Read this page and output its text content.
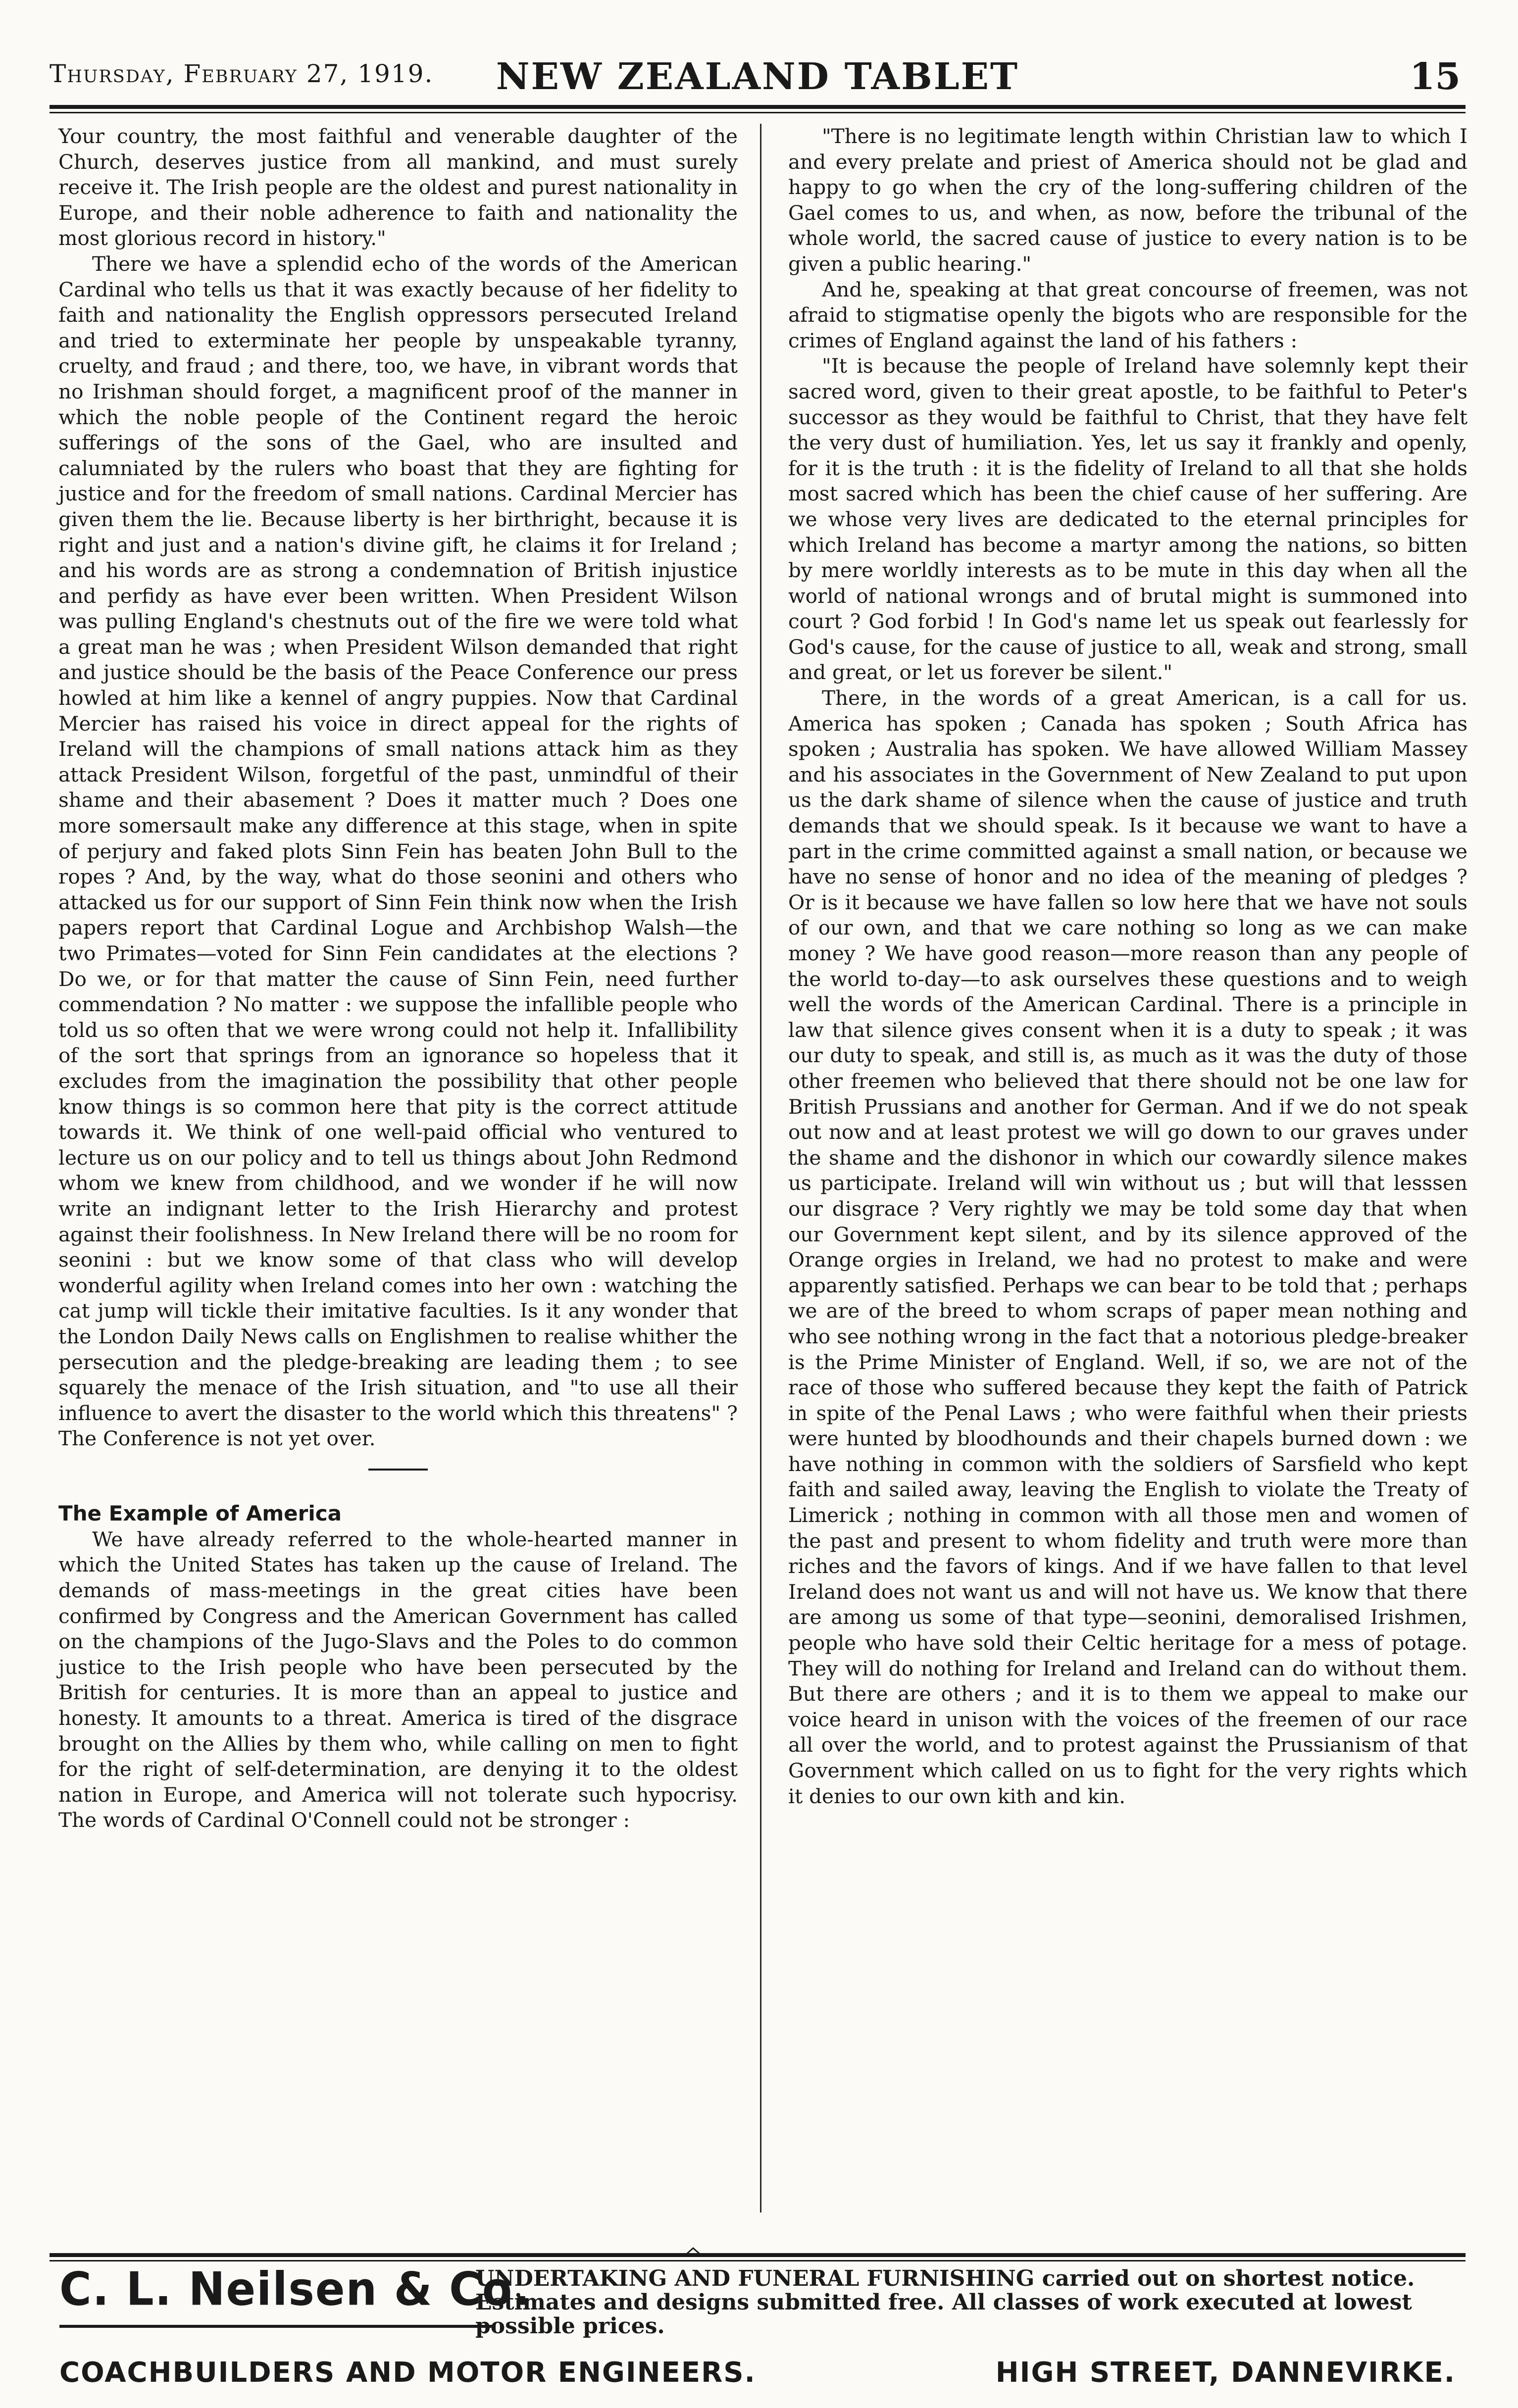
Thursday, February 27, 1919.	NEW ZEALAND TABLET	15

Your country, the most faithful and venerable daughter of the Church, deserves justice from all mankind, and must surely receive it. The Irish people are the oldest and purest nationality in Europe, and their noble adherence to faith and nationality the most glorious record in history."

There we have a splendid echo of the words of the American Cardinal who tells us that it was exactly because of her fidelity to faith and nationality the English oppressors persecuted Ireland and tried to exterminate her people by unspeakable tyranny, cruelty, and fraud ; and there, too, we have, in vibrant words that no Irishman should forget, a magnificent proof of the manner in which the noble people of the Continent regard the heroic sufferings of the sons of the Gael, who are insulted and calumniated by the rulers who boast that they are fighting for justice and for the freedom of small nations. Cardinal Mercier has given them the lie. Because liberty is her birthright, because it is right and just and a nation's divine gift, he claims it for Ireland ; and his words are as strong a condemnation of British injustice and perfidy as have ever been written. When President Wilson was pulling England's chestnuts out of the fire we were told what a great man he was ; when President Wilson demanded that right and justice should be the basis of the Peace Conference our press howled at him like a kennel of angry puppies. Now that Cardinal Mercier has raised his voice in direct appeal for the rights of Ireland will the champions of small nations attack him as they attack President Wilson, forgetful of the past, unmindful of their shame and their abasement ? Does it matter much ? Does one more somersault make any difference at this stage, when in spite of perjury and faked plots Sinn Fein has beaten John Bull to the ropes ? And, by the way, what do those seonini and others who attacked us for our support of Sinn Fein think now when the Irish papers report that Cardinal Logue and Archbishop Walsh—the two Primates—voted for Sinn Fein candidates at the elections ? Do we, or for that matter the cause of Sinn Fein, need further commendation ? No matter : we suppose the infallible people who told us so often that we were wrong could not help it. Infallibility of the sort that springs from an ignorance so hopeless that it excludes from the imagination the possibility that other people know things is so common here that pity is the correct attitude towards it. We think of one well-paid official who ventured to lecture us on our policy and to tell us things about John Redmond whom we knew from childhood, and we wonder if he will now write an indignant letter to the Irish Hierarchy and protest against their foolishness. In New Ireland there will be no room for seonini : but we know some of that class who will develop wonderful agility when Ireland comes into her own : watching the cat jump will tickle their imitative faculties. Is it any wonder that the London Daily News calls on Englishmen to realise whither the persecution and the pledge-breaking are leading them ; to see squarely the menace of the Irish situation, and "to use all their influence to avert the disaster to the world which this threatens" ? The Conference is not yet over.

The Example of America

We have already referred to the whole-hearted manner in which the United States has taken up the cause of Ireland. The demands of mass-meetings in the great cities have been confirmed by Congress and the American Government has called on the champions of the Jugo-Slavs and the Poles to do common justice to the Irish people who have been persecuted by the British for centuries. It is more than an appeal to justice and honesty. It amounts to a threat. America is tired of the disgrace brought on the Allies by them who, while calling on men to fight for the right of self-determination, are denying it to the oldest nation in Europe, and America will not tolerate such hypocrisy. The words of Cardinal O'Connell could not be stronger :

"There is no legitimate length within Christian law to which I and every prelate and priest of America should not be glad and happy to go when the cry of the long-suffering children of the Gael comes to us, and when, as now, before the tribunal of the whole world, the sacred cause of justice to every nation is to be given a public hearing."

And he, speaking at that great concourse of freemen, was not afraid to stigmatise openly the bigots who are responsible for the crimes of England against the land of his fathers :

"It is because the people of Ireland have solemnly kept their sacred word, given to their great apostle, to be faithful to Peter's successor as they would be faithful to Christ, that they have felt the very dust of humiliation. Yes, let us say it frankly and openly, for it is the truth : it is the fidelity of Ireland to all that she holds most sacred which has been the chief cause of her suffering. Are we whose very lives are dedicated to the eternal principles for which Ireland has become a martyr among the nations, so bitten by mere worldly interests as to be mute in this day when all the world of national wrongs and of brutal might is summoned into court ? God forbid ! In God's name let us speak out fearlessly for God's cause, for the cause of justice to all, weak and strong, small and great, or let us forever be silent."

There, in the words of a great American, is a call for us. America has spoken ; Canada has spoken ; South Africa has spoken ; Australia has spoken. We have allowed William Massey and his associates in the Government of New Zealand to put upon us the dark shame of silence when the cause of justice and truth demands that we should speak. Is it because we want to have a part in the crime committed against a small nation, or because we have no sense of honor and no idea of the meaning of pledges ? Or is it because we have fallen so low here that we have not souls of our own, and that we care nothing so long as we can make money ? We have good reason—more reason than any people of the world to-day—to ask ourselves these questions and to weigh well the words of the American Cardinal. There is a principle in law that silence gives consent when it is a duty to speak ; it was our duty to speak, and still is, as much as it was the duty of those other freemen who believed that there should not be one law for British Prussians and another for German. And if we do not speak out now and at least protest we will go down to our graves under the shame and the dishonor in which our cowardly silence makes us participate. Ireland will win without us ; but will that lesssen our disgrace ? Very rightly we may be told some day that when our Government kept silent, and by its silence approved of the Orange orgies in Ireland, we had no protest to make and were apparently satisfied. Perhaps we can bear to be told that ; perhaps we are of the breed to whom scraps of paper mean nothing and who see nothing wrong in the fact that a notorious pledge-breaker is the Prime Minister of England. Well, if so, we are not of the race of those who suffered because they kept the faith of Patrick in spite of the Penal Laws ; who were faithful when their priests were hunted by bloodhounds and their chapels burned down : we have nothing in common with the soldiers of Sarsfield who kept faith and sailed away, leaving the English to violate the Treaty of Limerick ; nothing in common with all those men and women of the past and present to whom fidelity and truth were more than riches and the favors of kings. And if we have fallen to that level Ireland does not want us and will not have us. We know that there are among us some of that type—seonini, demoralised Irishmen, people who have sold their Celtic heritage for a mess of potage. They will do nothing for Ireland and Ireland can do without them. But there are others ; and it is to them we appeal to make our voice heard in unison with the voices of the freemen of our race all over the world, and to protest against the Prussianism of that Government which called on us to fight for the very rights which it denies to our own kith and kin.

C. L. Neilsen & Co.
UNDERTAKING AND FUNERAL FURNISHING carried out on shortest notice. Estimates and designs submitted free. All classes of work executed at lowest possible prices.
COACHBUILDERS AND MOTOR ENGINEERS.	HIGH STREET, DANNEVIRKE.
